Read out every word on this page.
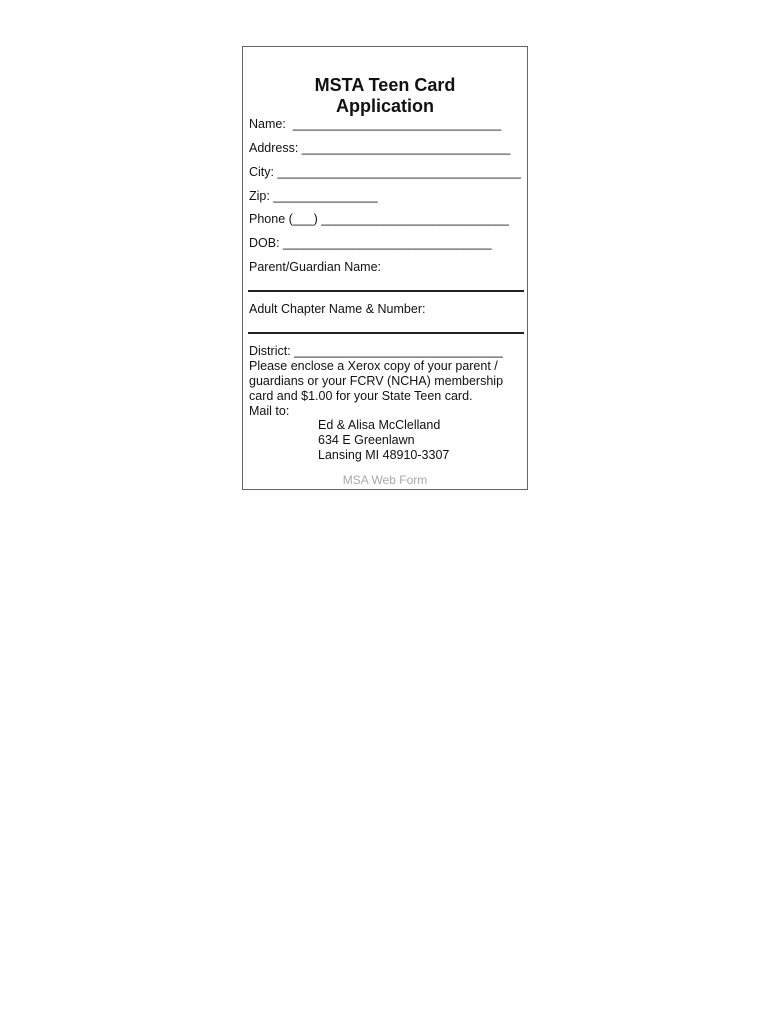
MSTA Teen Card
Application
Name:  ______________________________
Address: ______________________________
City: ___________________________________
Zip: _______________
Phone (___) ___________________________
DOB: ______________________________
Parent/Guardian Name:
Adult Chapter Name & Number:
District: ______________________________
Please enclose a Xerox copy of your parent /
guardians or your FCRV (NCHA) membership
card and $1.00 for your State Teen card.
Mail to:
Ed & Alisa McClelland
634 E Greenlawn
Lansing MI 48910-3307
MSA Web Form
